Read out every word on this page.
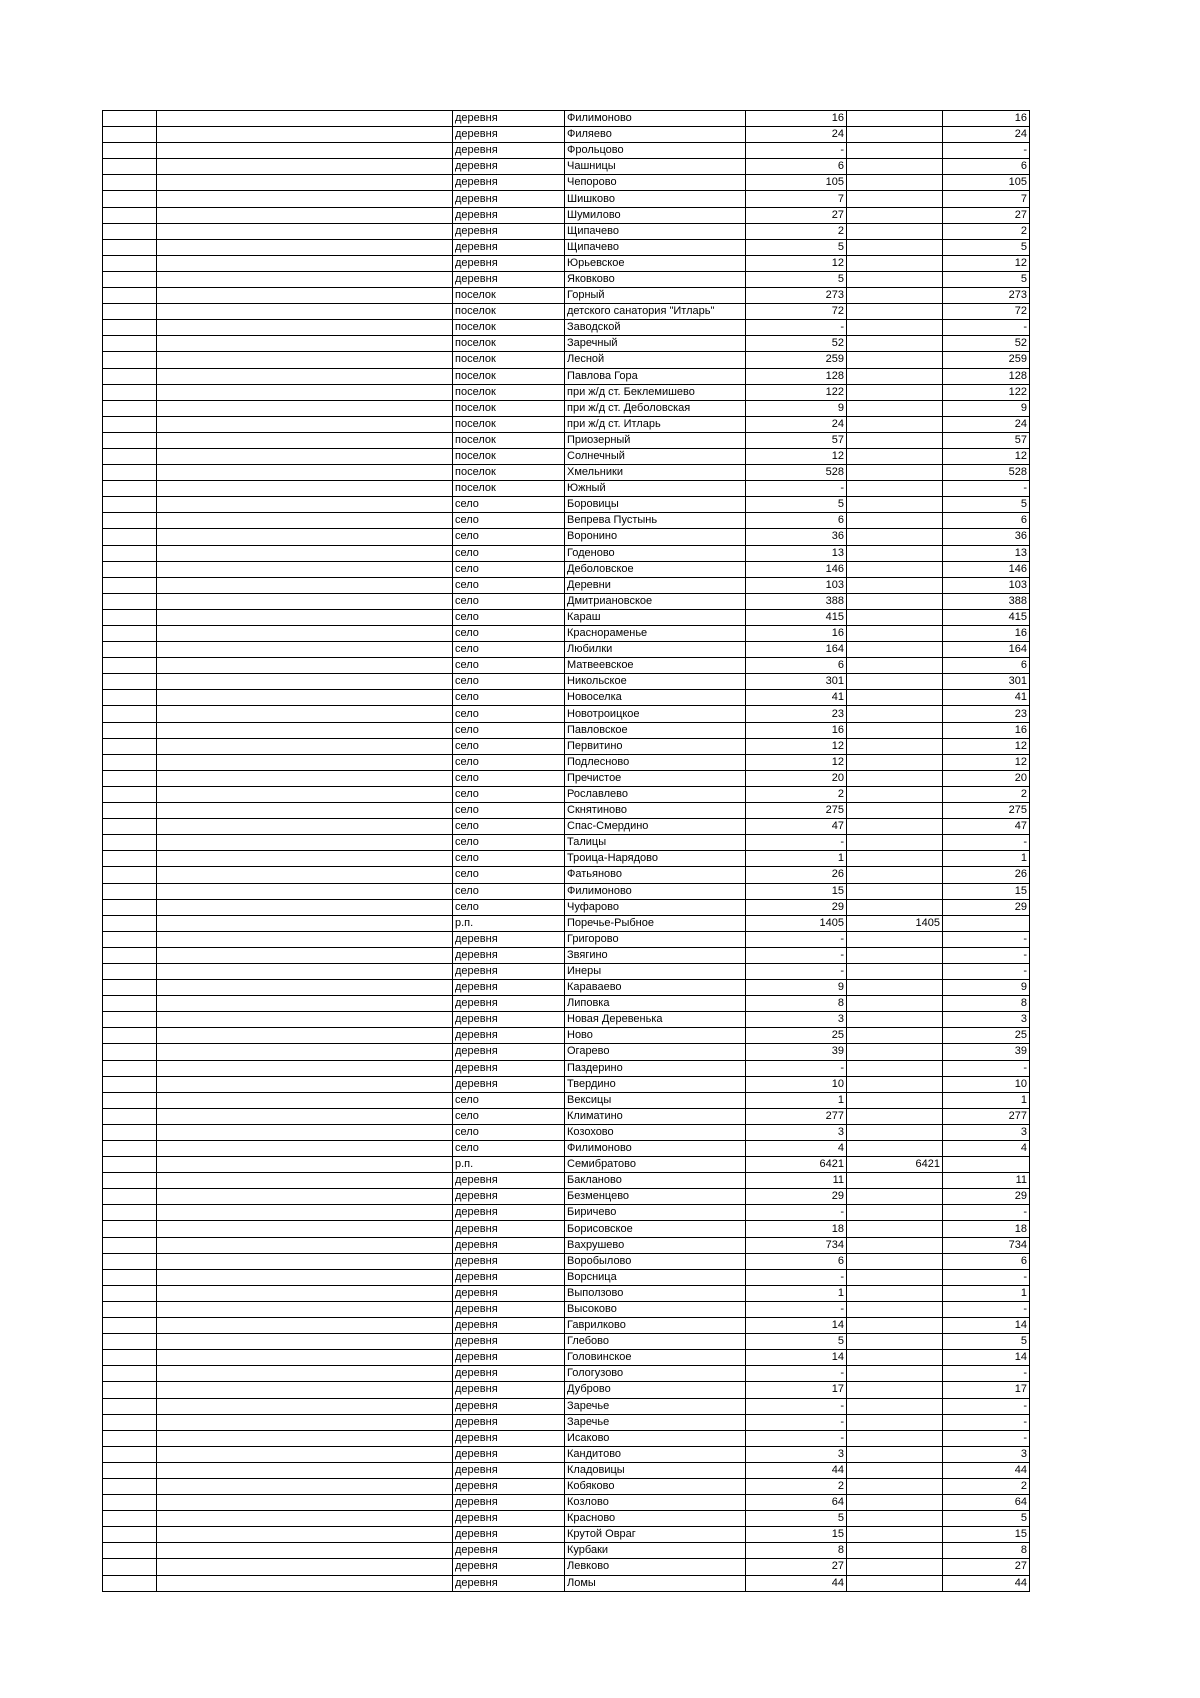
		деревня	Филимоново	16		16
		деревня	Филяево	24		24
		деревня	Фрольцово	-		-
		деревня	Чашницы	6		6
		деревня	Чепорово	105		105
		деревня	Шишково	7		7
		деревня	Шумилово	27		27
		деревня	Щипачево	2		2
		деревня	Щипачево	5		5
		деревня	Юрьевское	12		12
		деревня	Яковково	5		5
		поселок	Горный	273		273
		поселок	детского санатория "Итларь"	72		72
		поселок	Заводской	-		-
		поселок	Заречный	52		52
		поселок	Лесной	259		259
		поселок	Павлова Гора	128		128
		поселок	при ж/д ст. Беклемишево	122		122
		поселок	при ж/д ст. Деболовская	9		9
		поселок	при ж/д ст. Итларь	24		24
		поселок	Приозерный	57		57
		поселок	Солнечный	12		12
		поселок	Хмельники	528		528
		поселок	Южный	-		-
		село	Боровицы	5		5
		село	Вепрева Пустынь	6		6
		село	Воронино	36		36
		село	Годеново	13		13
		село	Деболовское	146		146
		село	Деревни	103		103
		село	Дмитриановское	388		388
		село	Караш	415		415
		село	Краснораменье	16		16
		село	Любилки	164		164
		село	Матвеевское	6		6
		село	Никольское	301		301
		село	Новоселка	41		41
		село	Новотроицкое	23		23
		село	Павловское	16		16
		село	Первитино	12		12
		село	Подлесново	12		12
		село	Пречистое	20		20
		село	Рославлево	2		2
		село	Скнятиново	275		275
		село	Спас-Смердино	47		47
		село	Талицы	-		-
		село	Троица-Нарядово	1		1
		село	Фатьяново	26		26
		село	Филимоново	15		15
		село	Чуфарово	29		29
		р.п.	Поречье-Рыбное	1405	1405	
		деревня	Григорово	-		-
		деревня	Звягино	-		-
		деревня	Инеры	-		-
		деревня	Караваево	9		9
		деревня	Липовка	8		8
		деревня	Новая Деревенька	3		3
		деревня	Ново	25		25
		деревня	Огарево	39		39
		деревня	Паздерино	-		-
		деревня	Твердино	10		10
		село	Вексицы	1		1
		село	Климатино	277		277
		село	Козохово	3		3
		село	Филимоново	4		4
		р.п.	Семибратово	6421	6421	
		деревня	Бакланово	11		11
		деревня	Безменцево	29		29
		деревня	Биричево	-		-
		деревня	Борисовское	18		18
		деревня	Вахрушево	734		734
		деревня	Воробылово	6		6
		деревня	Ворсница	-		-
		деревня	Выползово	1		1
		деревня	Высоково	-		-
		деревня	Гаврилково	14		14
		деревня	Глебово	5		5
		деревня	Головинское	14		14
		деревня	Гологузово	-		-
		деревня	Дуброво	17		17
		деревня	Заречье	-		-
		деревня	Заречье	-		-
		деревня	Исаково	-		-
		деревня	Кандитово	3		3
		деревня	Кладовицы	44		44
		деревня	Кобяково	2		2
		деревня	Козлово	64		64
		деревня	Красново	5		5
		деревня	Крутой Овраг	15		15
		деревня	Курбаки	8		8
		деревня	Левково	27		27
		деревня	Ломы	44		44
